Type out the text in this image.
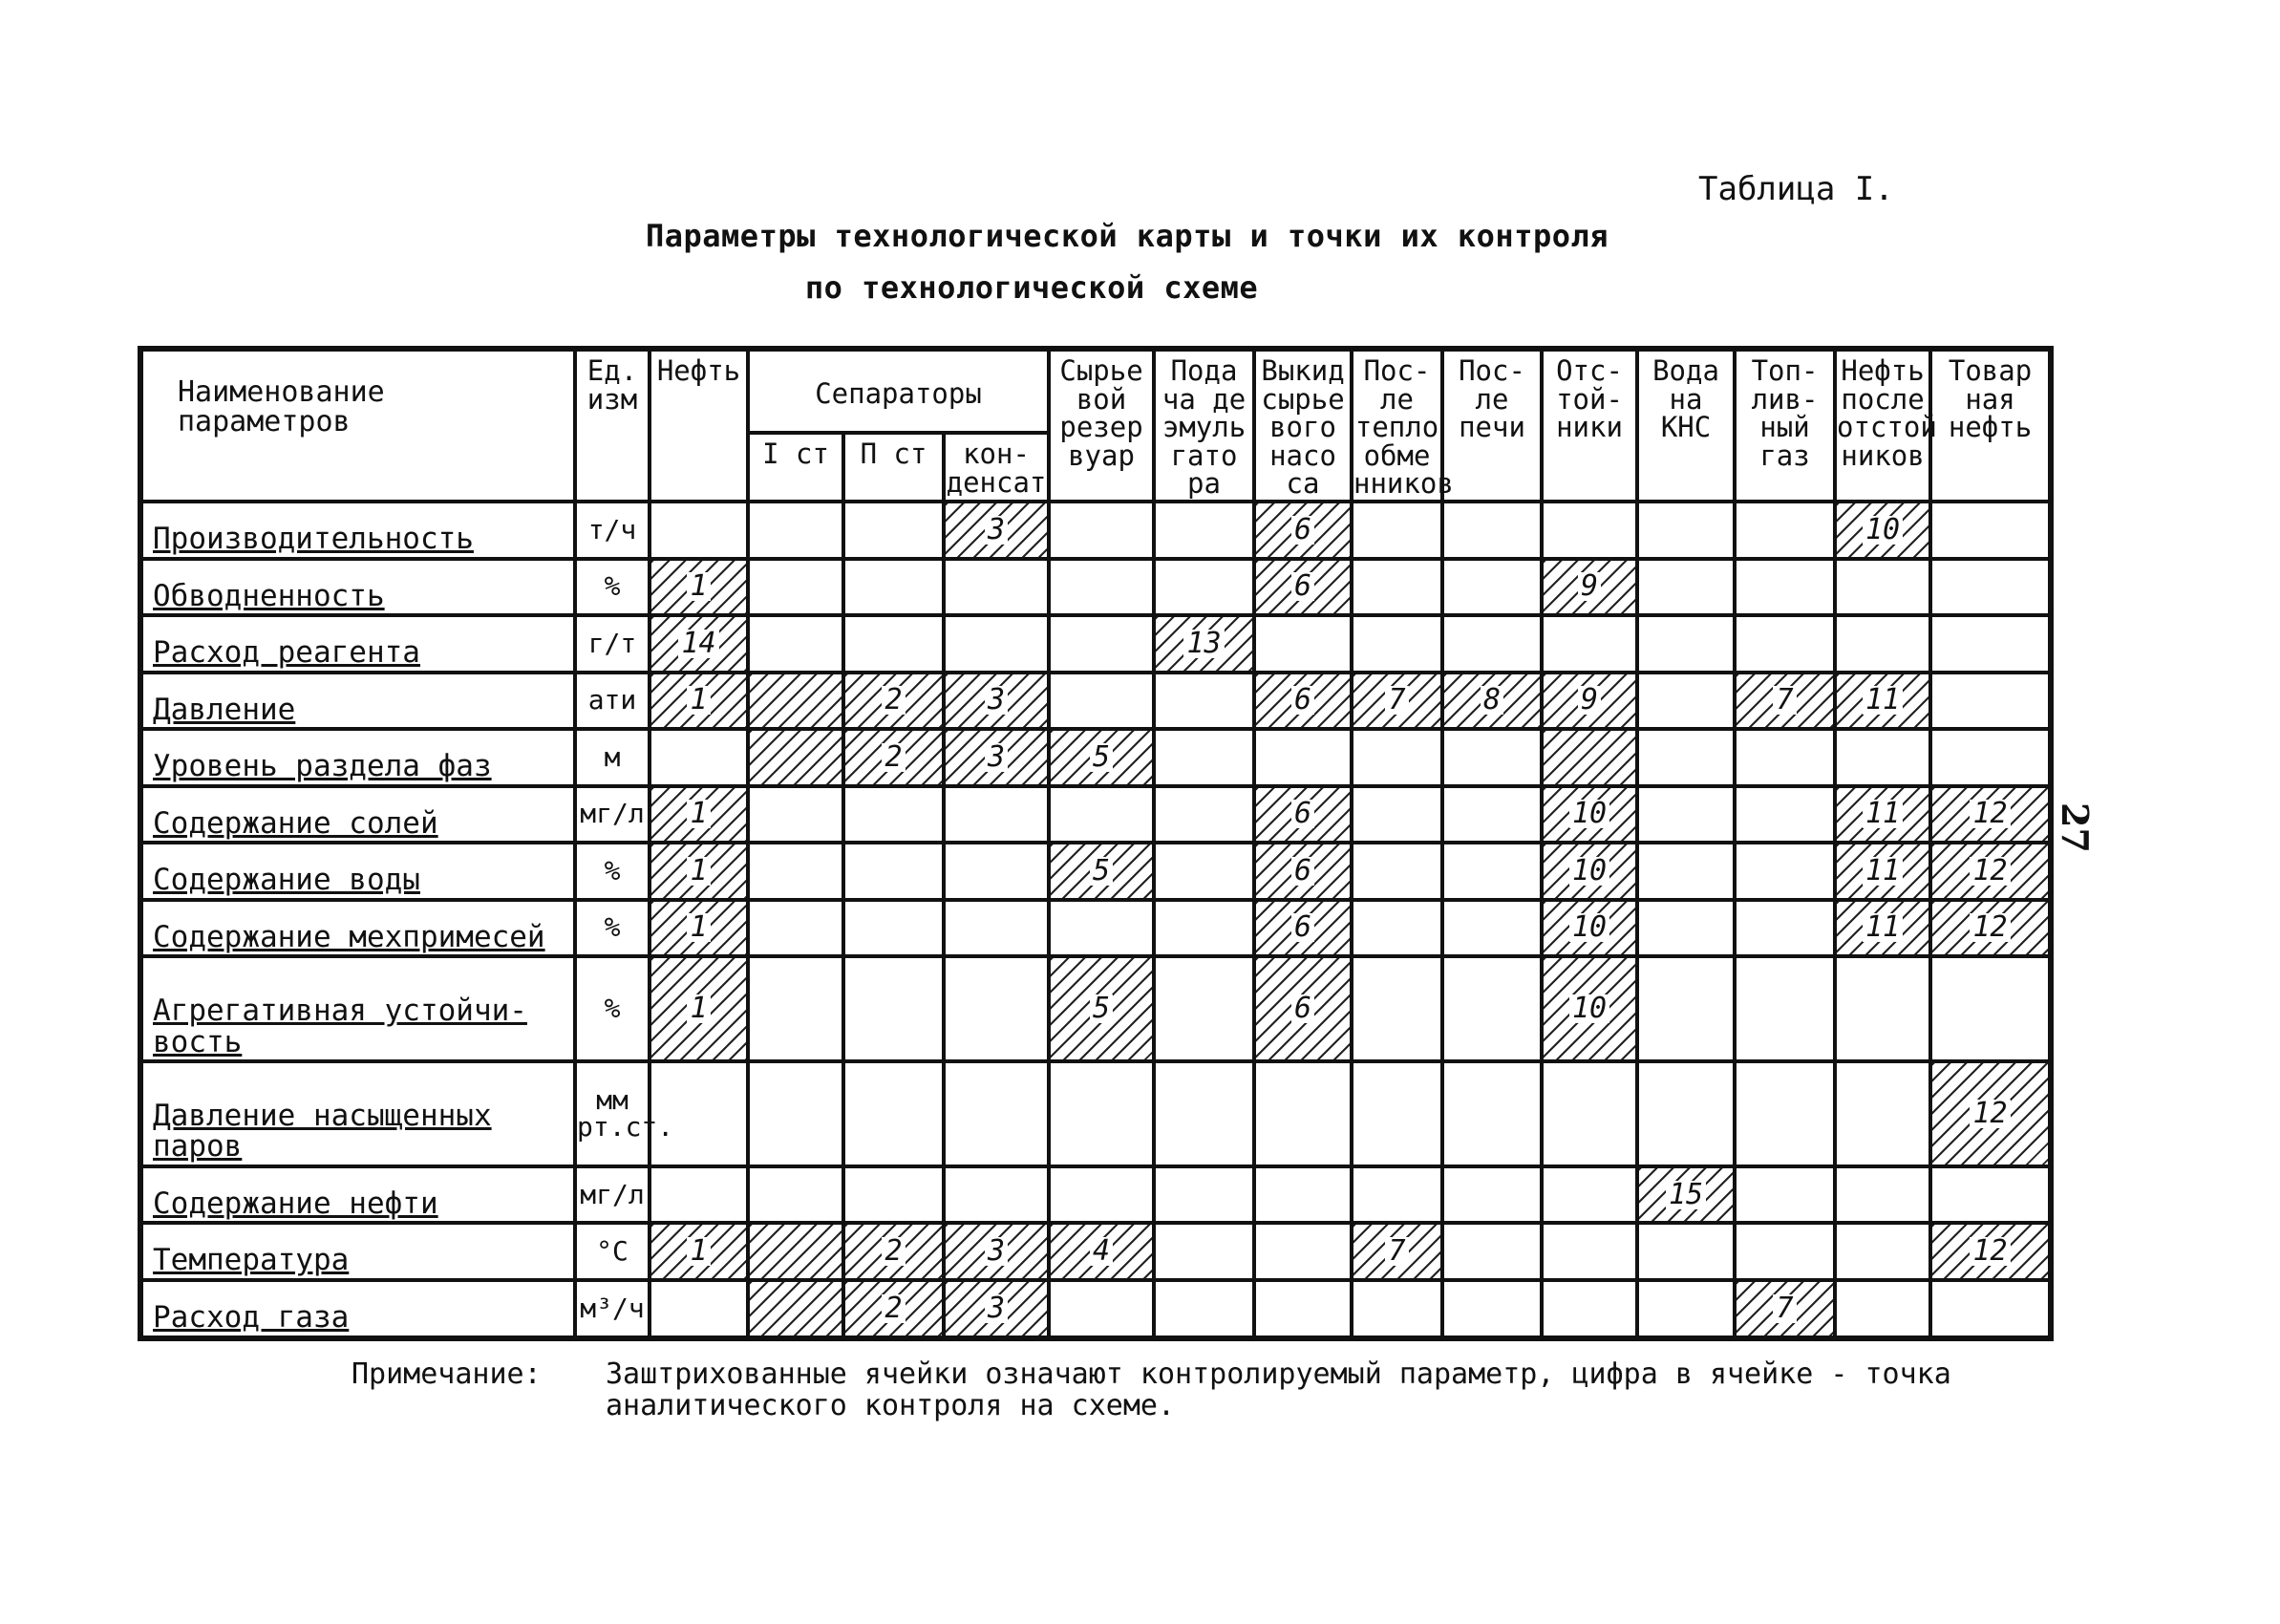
27
Таблица I.
Параметры технологической карты и точки их контроля
по технологической схеме
Наименование параметров	Ед. изм	Нефть	Сепараторы			Сырье вой резер вуар	Пода ча де эмуль гато ра	Выкид сырье вого насо са	Пос- ле тепло обме нников	Пос- ле печи	Отс- той- ники	Вода на КНС	Топ- лив- ный газ	Нефть после отстой ников	Товар ная нефть
			I ст	П ст	кон- денсат										
Производительность	т/ч				3			6						10	
Обводненность	%	1						6			9				
Расход реагента	г/т	14					13								
Давление	ати	1		2	3			6	7	8	9		7	11	
Уровень раздела фаз	м			2	3	5									
Содержание солей	мг/л	1						6			10			11	12
Содержание воды	%	1				5		6			10			11	12
Содержание мехпримесей	%	1						6			10			11	12
Агрегативная устойчи-
вость	%	1				5		6			10				
Давление насыщенных
паров	мм рт.ст.														12
Содержание нефти	мг/л											15			
Температура	°C	1		2	3	4			7						12
Расход газа	м³/ч			2	3								7		
Примечание: Заштрихованные ячейки означают контролируемый параметр, цифра в ячейке - точка аналитического контроля на схеме.
